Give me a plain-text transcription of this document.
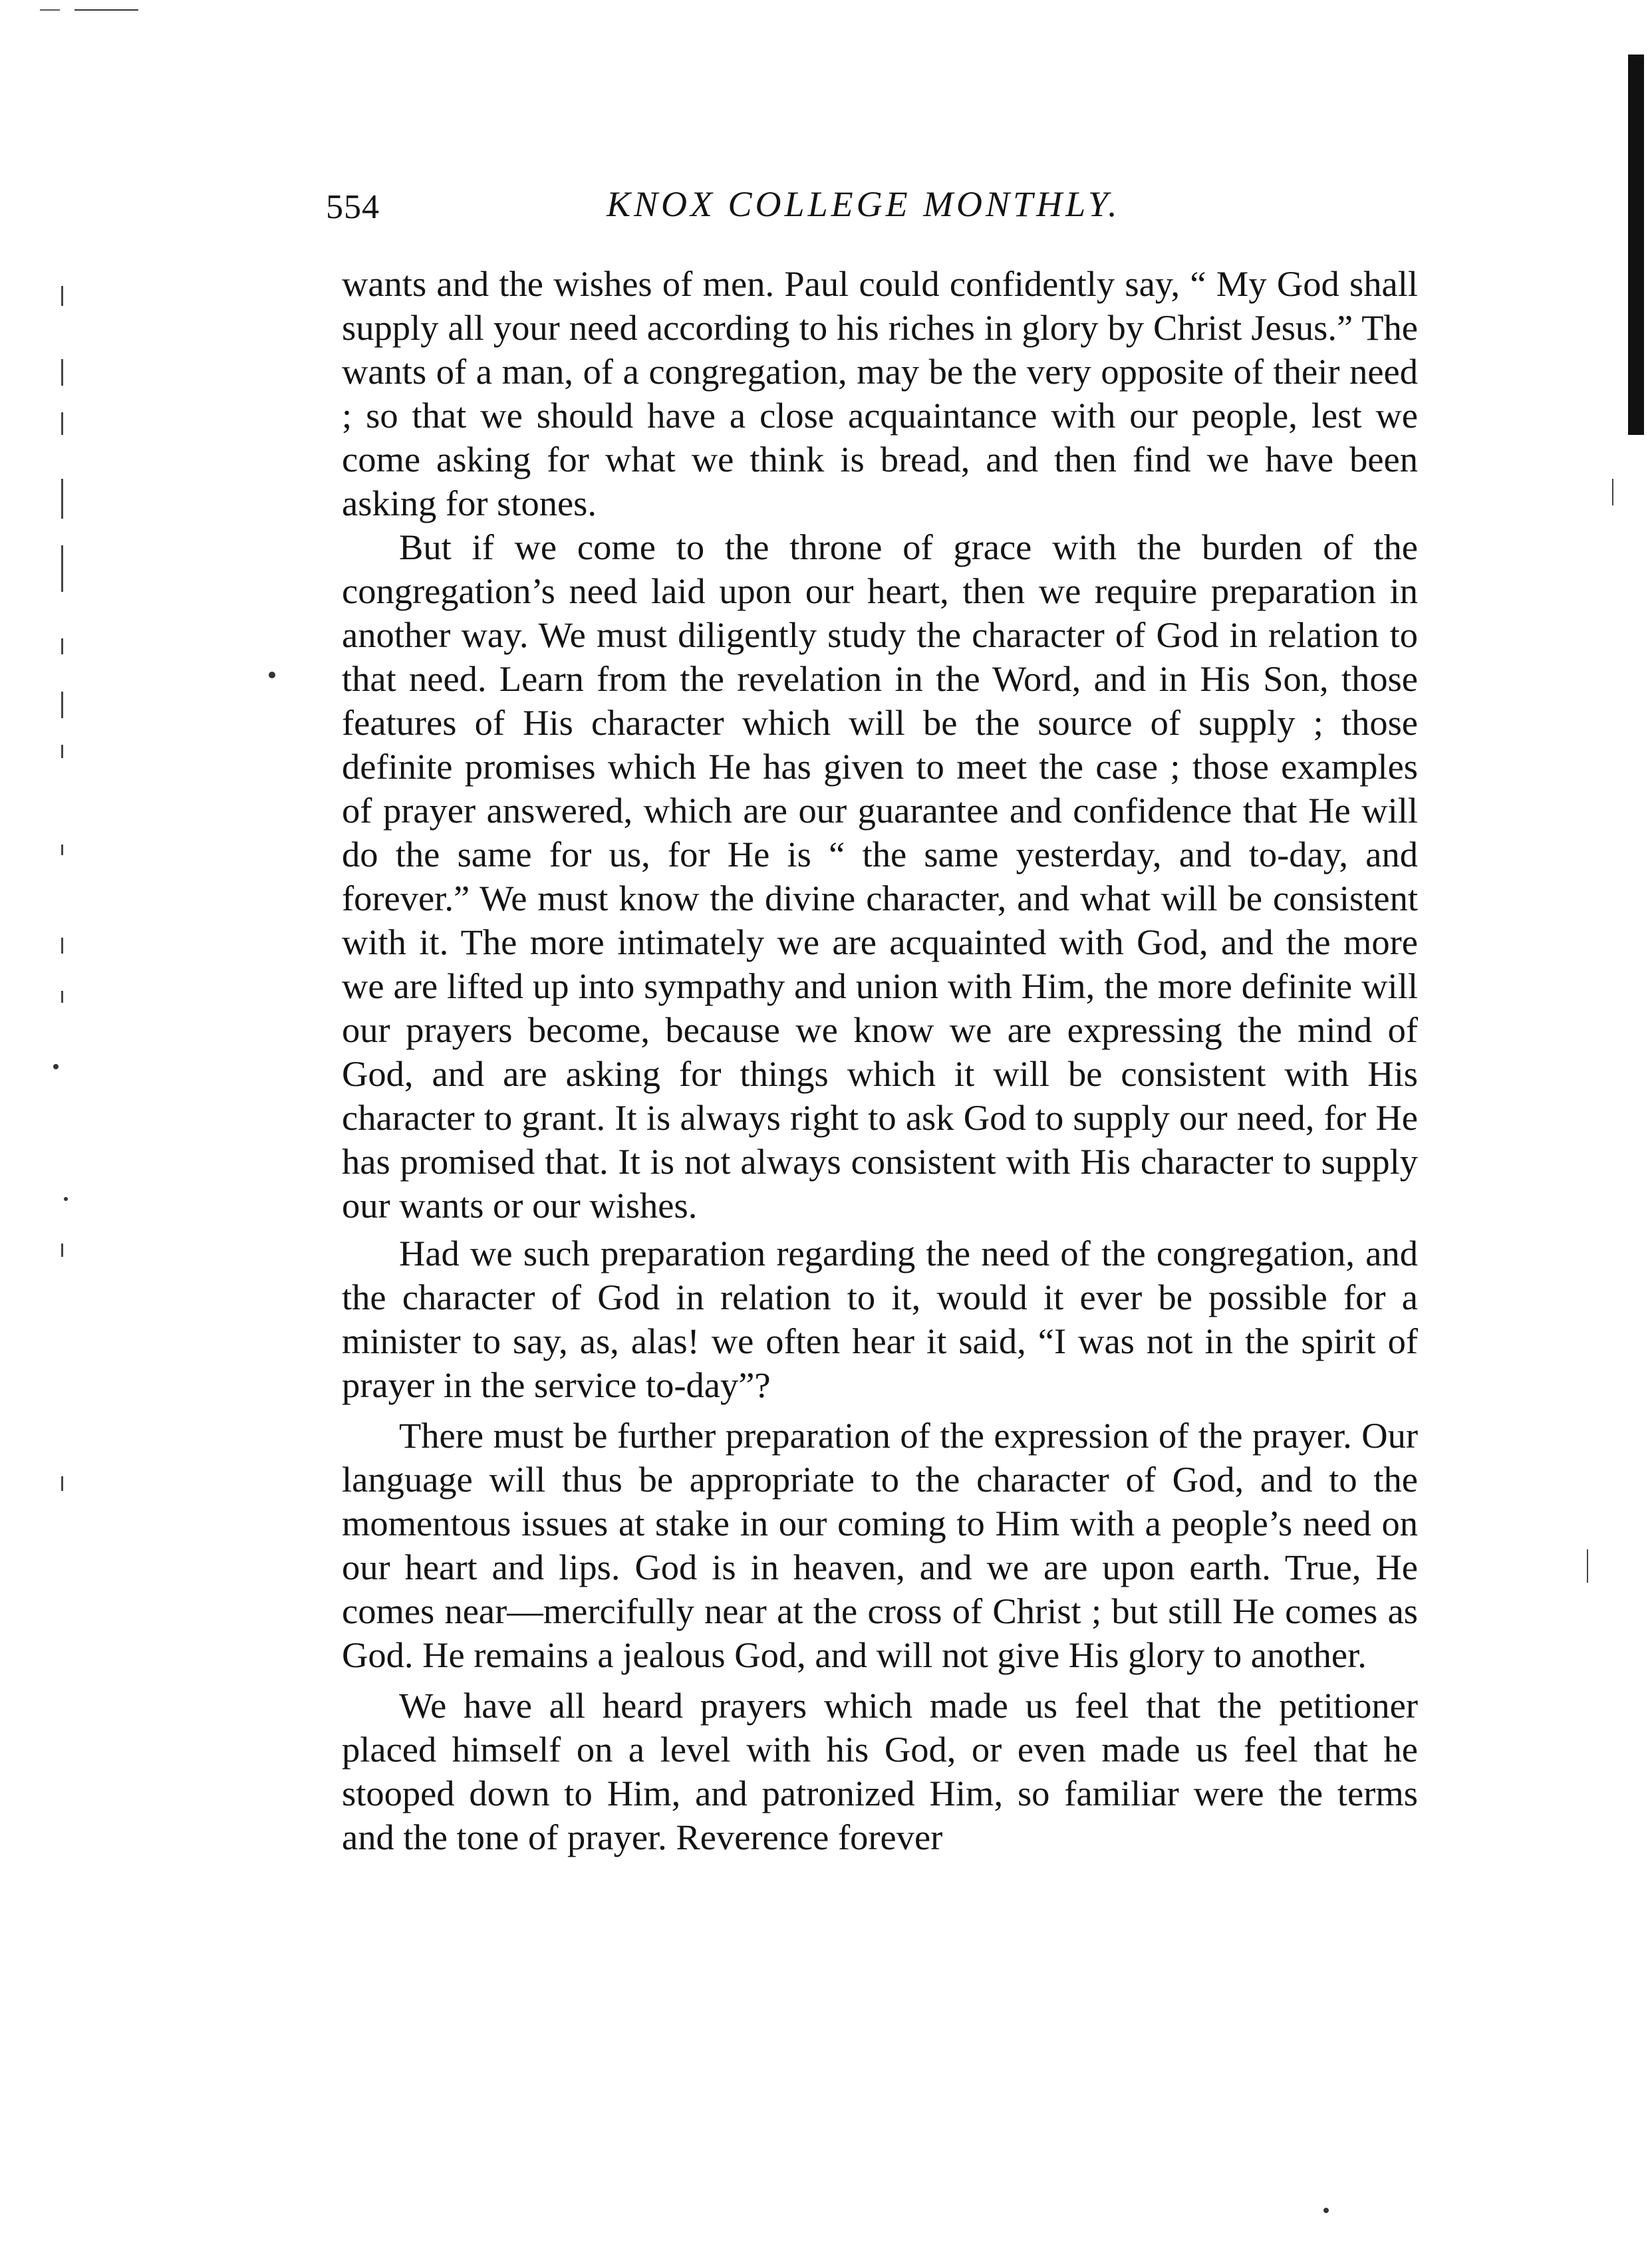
554	KNOX COLLEGE MONTHLY.

wants and the wishes of men. Paul could confidently say, “ My God shall supply all your need according to his riches in glory by Christ Jesus.” The wants of a man, of a congregation, may be the very opposite of their need ; so that we should have a close acquaintance with our people, lest we come asking for what we think is bread, and then find we have been asking for stones.

But if we come to the throne of grace with the burden of the congregation’s need laid upon our heart, then we require preparation in another way. We must diligently study the character of God in relation to that need. Learn from the revelation in the Word, and in His Son, those features of His character which will be the source of supply ; those definite promises which He has given to meet the case ; those examples of prayer answered, which are our guarantee and confidence that He will do the same for us, for He is “ the same yesterday, and to-day, and forever.” We must know the divine character, and what will be consistent with it. The more intimately we are acquainted with God, and the more we are lifted up into sympathy and union with Him, the more definite will our prayers become, because we know we are expressing the mind of God, and are asking for things which it will be consistent with His character to grant. It is always right to ask God to supply our need, for He has promised that. It is not always consistent with His character to supply our wants or our wishes.

Had we such preparation regarding the need of the congregation, and the character of God in relation to it, would it ever be possible for a minister to say, as, alas! we often hear it said, “I was not in the spirit of prayer in the service to-day”?

There must be further preparation of the expression of the prayer. Our language will thus be appropriate to the character of God, and to the momentous issues at stake in our coming to Him with a people’s need on our heart and lips. God is in heaven, and we are upon earth. True, He comes near—mercifully near at the cross of Christ ; but still He comes as God. He remains a jealous God, and will not give His glory to another.

We have all heard prayers which made us feel that the petitioner placed himself on a level with his God, or even made us feel that he stooped down to Him, and patronized Him, so familiar were the terms and the tone of prayer. Reverence forever
